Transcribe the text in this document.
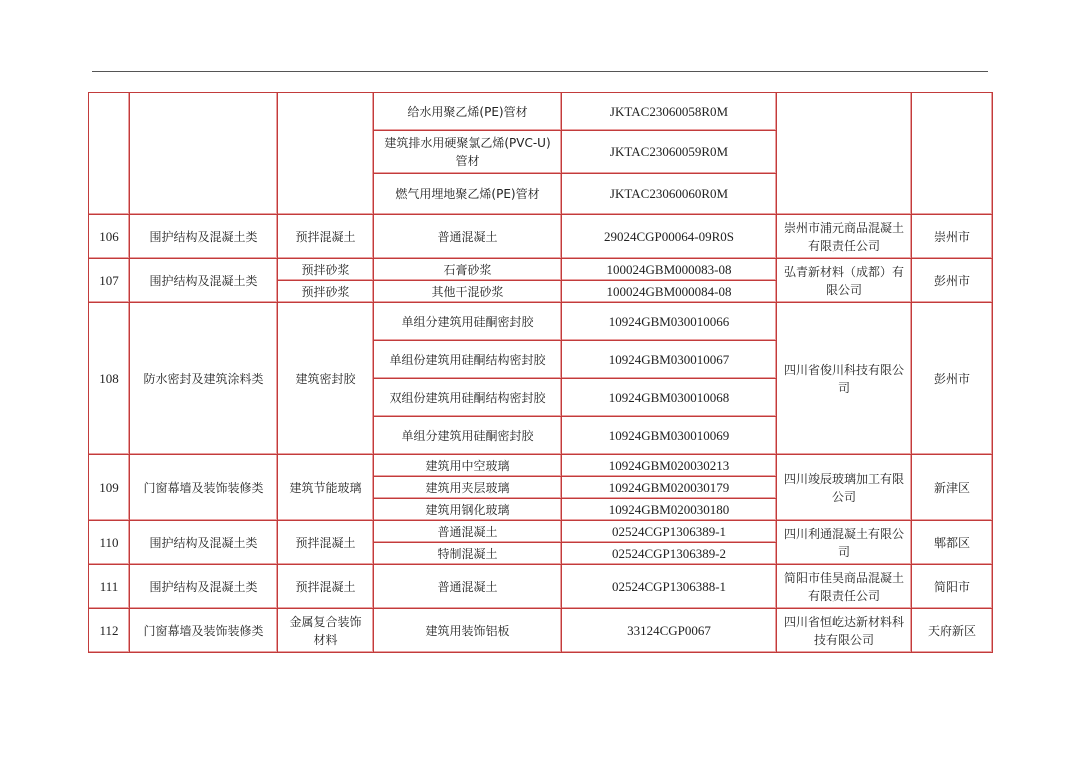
			给水用聚乙烯(PE)管材	JKTAC23060058R0M		
			建筑排水用硬聚氯乙烯(PVC-U)管材	JKTAC23060059R0M		
			燃气用埋地聚乙烯(PE)管材	JKTAC23060060R0M		
106	围护结构及混凝土类	预拌混凝土	普通混凝土	29024CGP00064-09R0S	崇州市浦元商品混凝土有限责任公司	崇州市
107	围护结构及混凝土类	预拌砂浆	石膏砂浆	100024GBM000083-08	弘青新材料（成都）有限公司	彭州市
		预拌砂浆	其他干混砂浆	100024GBM000084-08		
108	防水密封及建筑涂料类	建筑密封胶	单组分建筑用硅酮密封胶	10924GBM030010066	四川省俊川科技有限公司	彭州市
			单组份建筑用硅酮结构密封胶	10924GBM030010067		
			双组份建筑用硅酮结构密封胶	10924GBM030010068		
			单组分建筑用硅酮密封胶	10924GBM030010069		
109	门窗幕墙及装饰装修类	建筑节能玻璃	建筑用中空玻璃	10924GBM020030213	四川竣辰玻璃加工有限公司	新津区
			建筑用夹层玻璃	10924GBM020030179		
			建筑用钢化玻璃	10924GBM020030180		
110	围护结构及混凝土类	预拌混凝土	普通混凝土	02524CGP1306389-1	四川利通混凝土有限公司	郫都区
			特制混凝土	02524CGP1306389-2		
111	围护结构及混凝土类	预拌混凝土	普通混凝土	02524CGP1306388-1	简阳市佳昊商品混凝土有限责任公司	简阳市
112	门窗幕墙及装饰装修类	金属复合装饰材料	建筑用装饰铝板	33124CGP0067	四川省恒屹达新材料科技有限公司	天府新区
